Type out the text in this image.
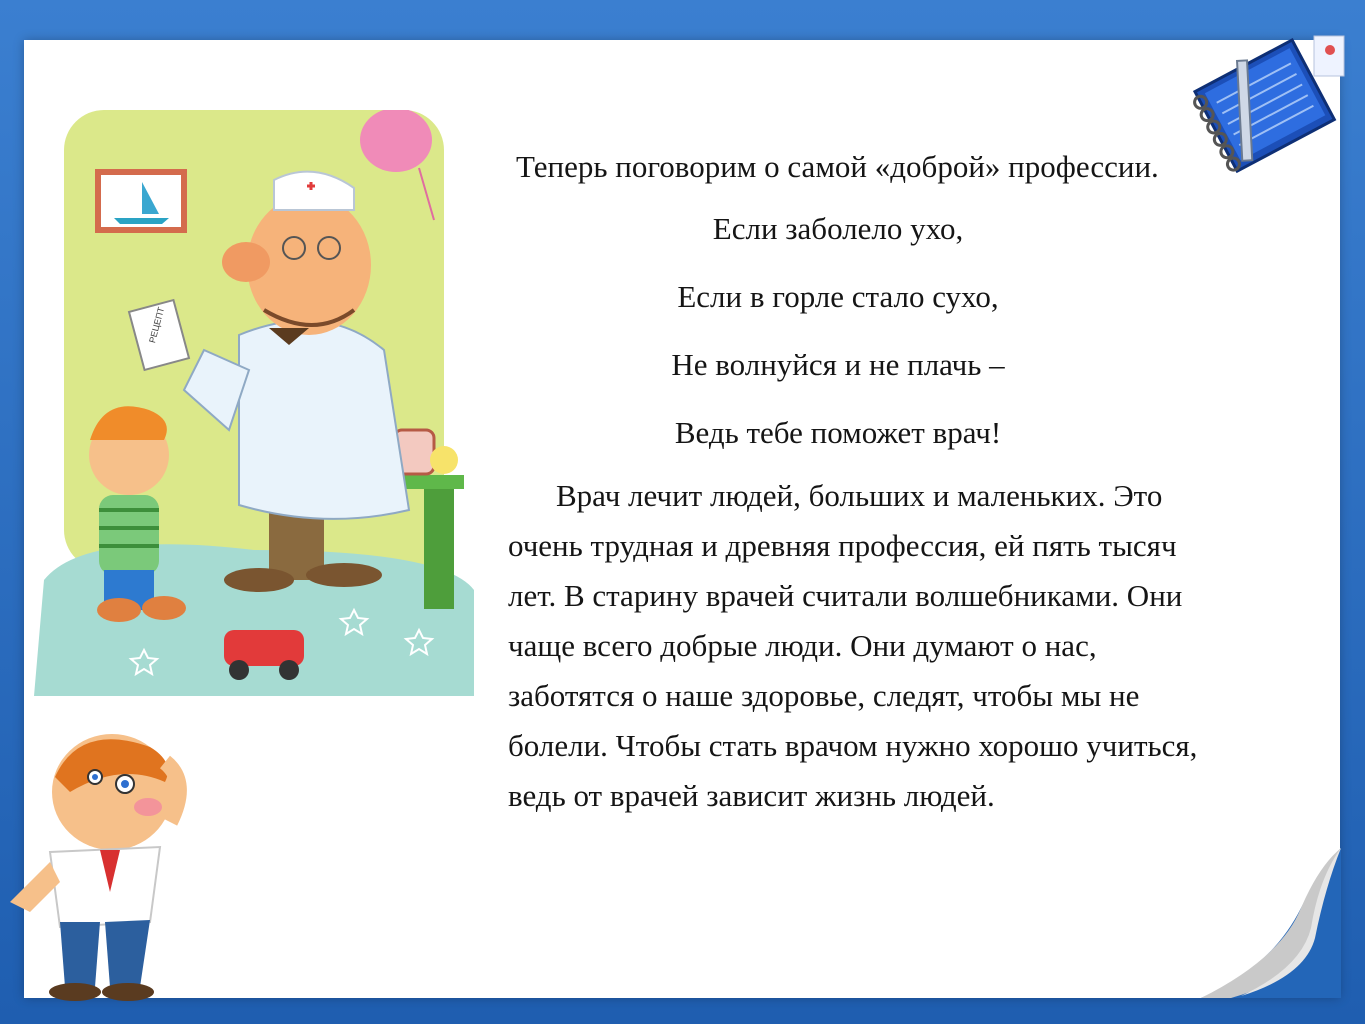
РЕЦЕПТ

Теперь поговорим о самой «доброй» профессии.

Если заболело ухо,

Если в горле стало сухо,

Не волнуйся и не плачь –

Ведь тебе поможет врач!

Врач лечит людей, больших и маленьких. Это очень трудная и древняя профессия, ей пять тысяч лет. В старину врачей считали волшебниками. Они чаще всего добрые люди. Они думают о нас, заботятся о наше здоровье, следят, чтобы мы не болели. Чтобы стать врачом нужно хорошо учиться, ведь от врачей зависит жизнь людей.
